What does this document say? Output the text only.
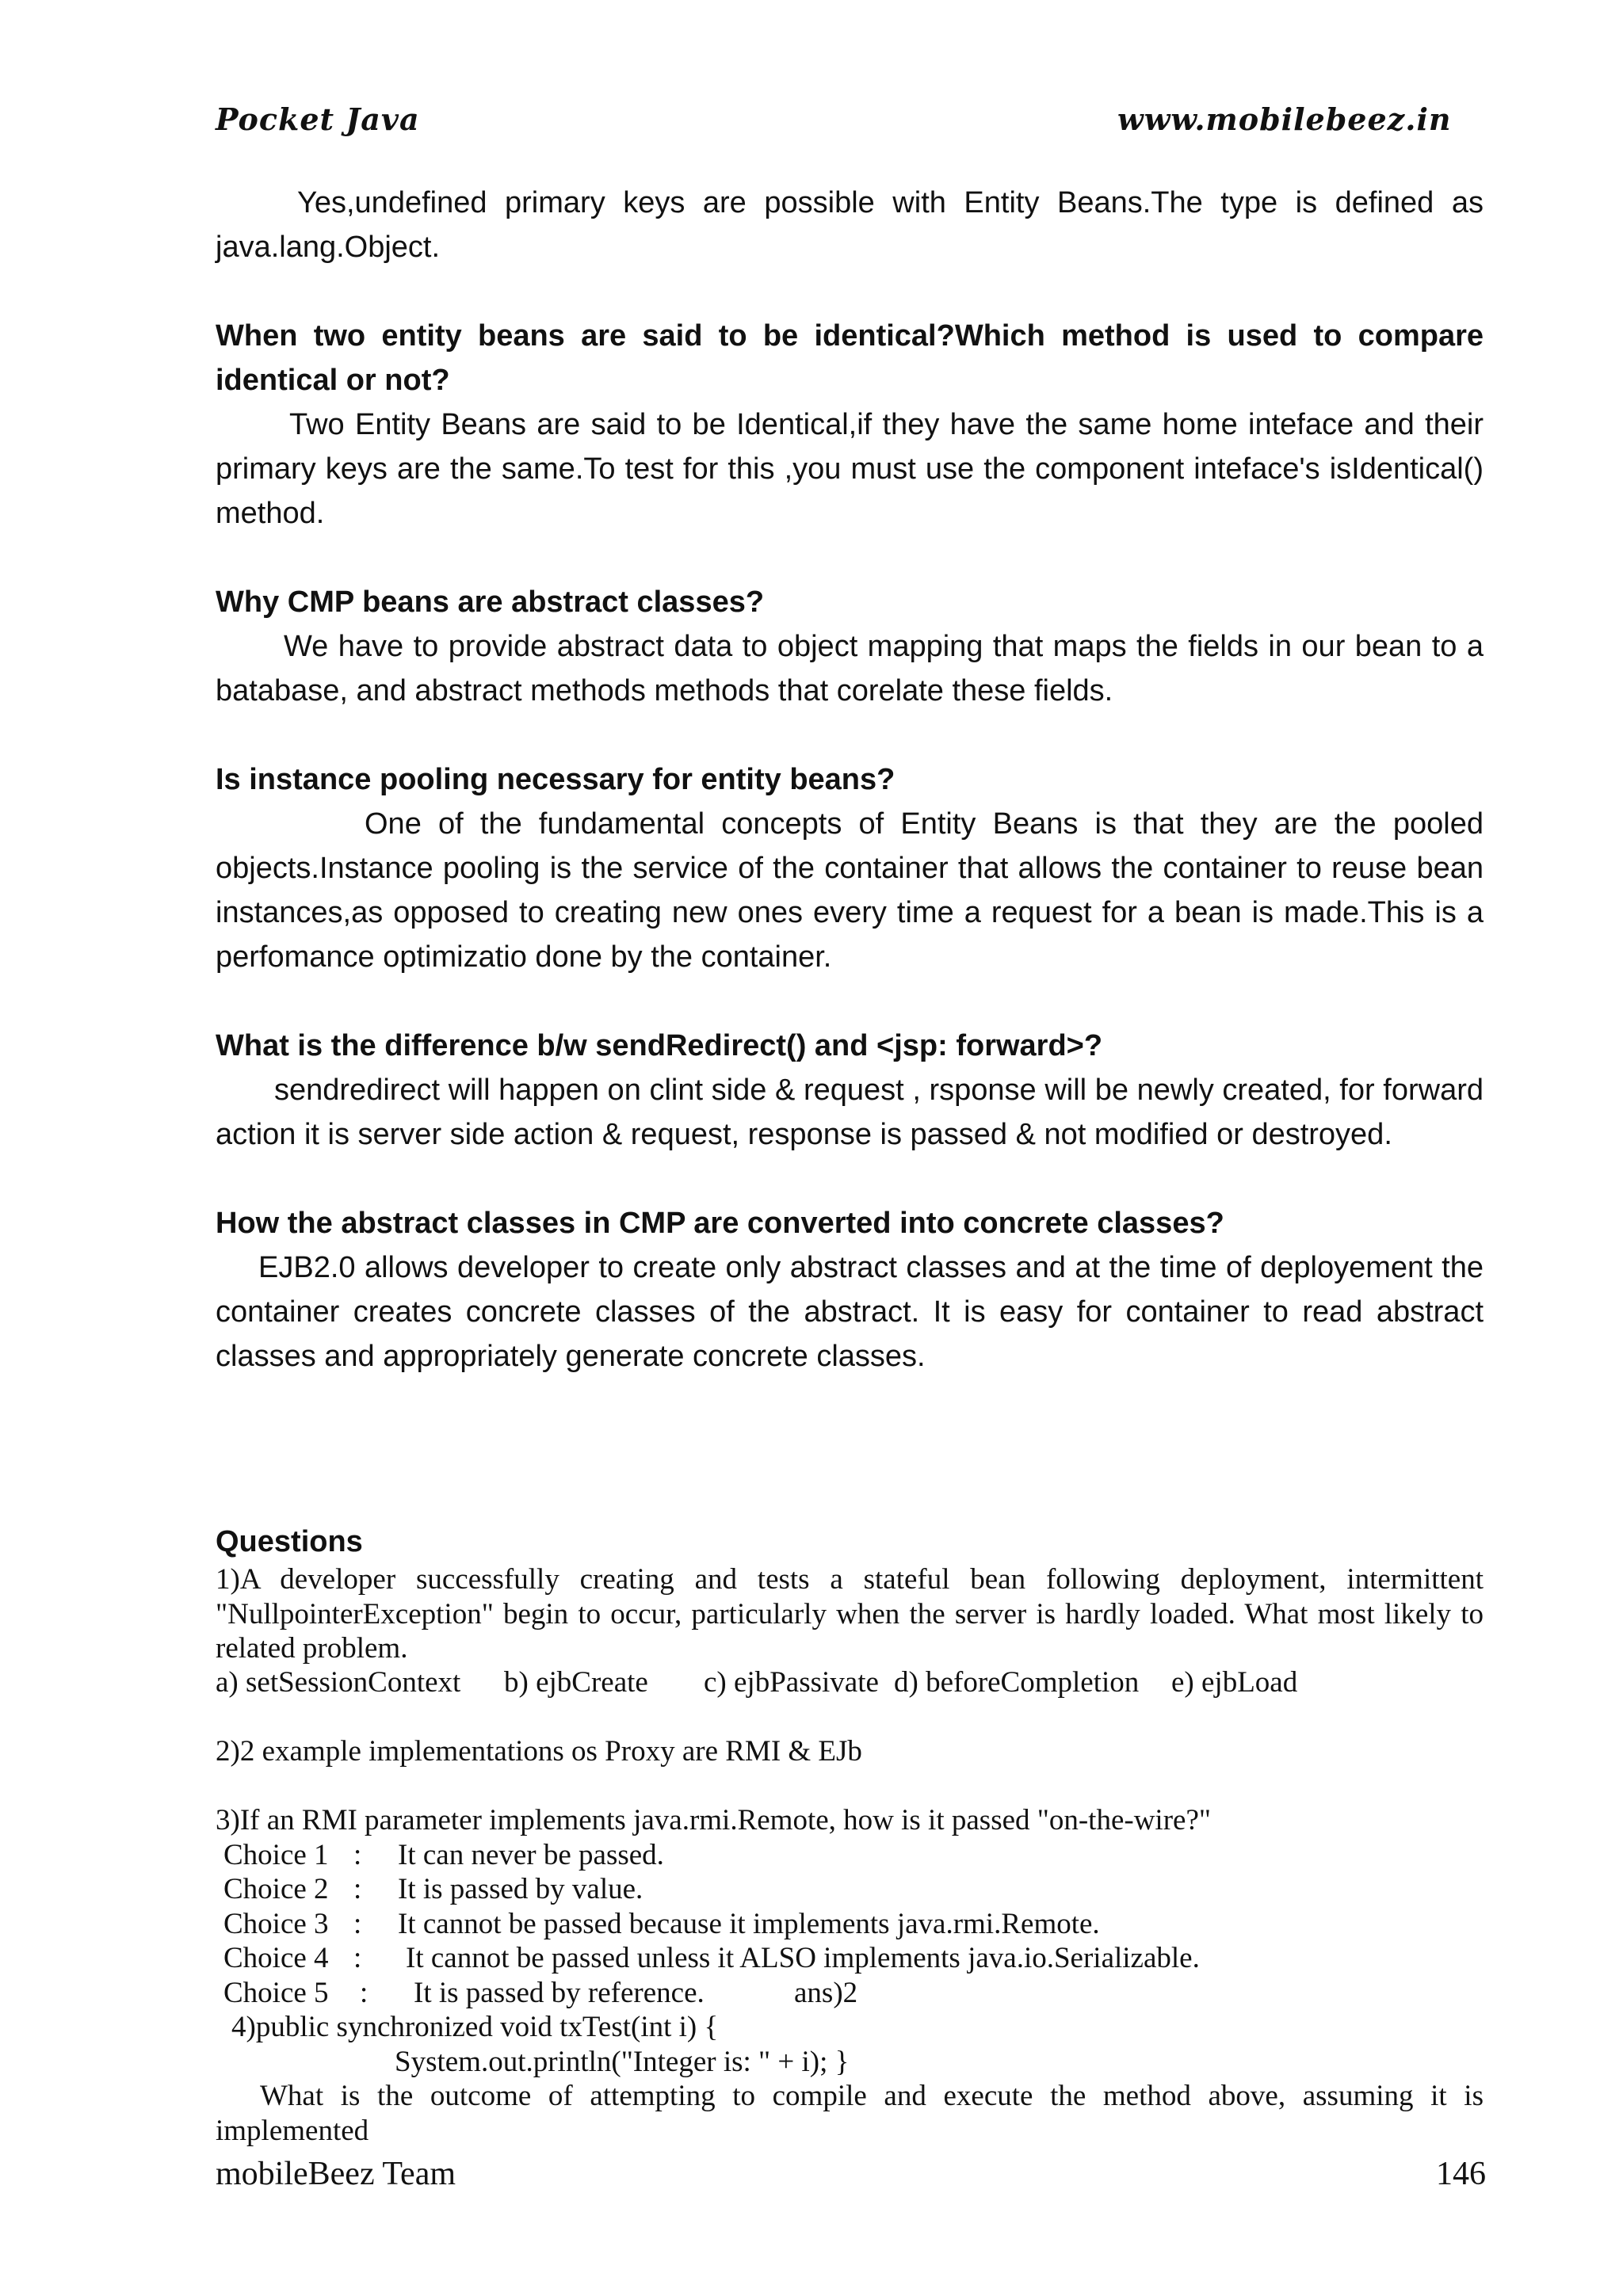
Pocket Java	www.mobilebeez.in
Yes,undefined primary keys are possible with Entity Beans.The type is defined as java.lang.Object.
When two entity beans are said to be identical?Which method is used to compare identical or not?
Two Entity Beans are said to be Identical,if they have the same home inteface and their primary keys are the same.To test for this ,you must use the component inteface's isIdentical() method.
Why CMP beans are abstract classes?
We have to provide abstract data to object mapping that maps the fields in our bean to a batabase, and abstract methods methods that corelate these fields.
Is instance pooling necessary for entity beans?
One of the fundamental concepts of Entity Beans is that they are the pooled objects.Instance pooling is the service of the container that allows the container to reuse bean instances,as opposed to creating new ones every time a request for a bean is made.This is a perfomance optimizatio done by the container.
What is the difference b/w sendRedirect() and <jsp: forward>?
sendredirect will happen on clint side & request , rsponse will be newly created, for forward action it is server side action & request, response is passed & not modified or destroyed.
How the abstract classes in CMP are converted into concrete classes?
EJB2.0 allows developer to create only abstract classes and at the time of deployement the container creates concrete classes of the abstract. It is easy for container to read abstract classes and appropriately generate concrete classes.
Questions
1)A developer successfully creating and tests a stateful bean following deployment, intermittent "NullpointerException" begin to occur, particularly when the server is hardly loaded. What most likely to related problem.
a) setSessionContext b) ejbCreate c) ejbPassivate d) beforeCompletion e) ejbLoad
2)2 example implementations os Proxy are RMI & EJb
3)If an RMI parameter implements java.rmi.Remote, how is it passed "on-the-wire?"
Choice 1 : It can never be passed.
Choice 2 : It is passed by value.
Choice 3 : It cannot be passed because it implements java.rmi.Remote.
Choice 4 : It cannot be passed unless it ALSO implements java.io.Serializable.
Choice 5 : It is passed by reference.	ans)2
4)public synchronized void txTest(int i) {
System.out.println("Integer is: " + i); }
What is the outcome of attempting to compile and execute the method above, assuming it is implemented
mobileBeez Team	146
